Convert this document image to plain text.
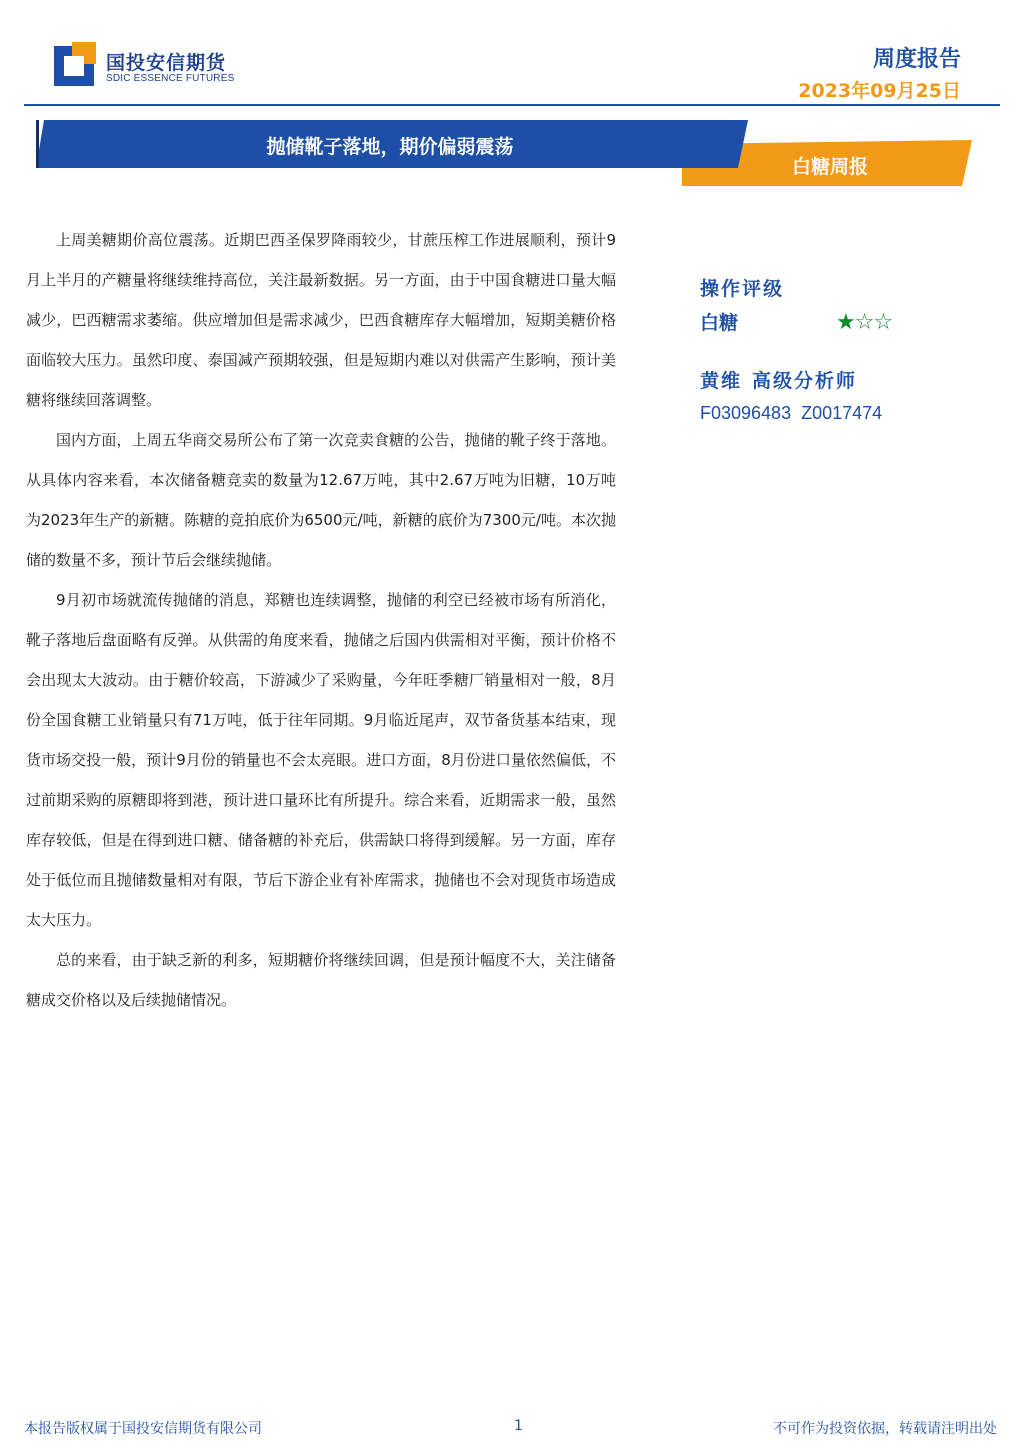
国投安信期货
SDIC ESSENCE FUTURES
周度报告
2023年09月25日
抛储靴子落地，期价偏弱震荡
白糖周报

上周美糖期价高位震荡。近期巴西圣保罗降雨较少，甘蔗压榨工作进展顺利，预计9月上半月的产糖量将继续维持高位，关注最新数据。另一方面，由于中国食糖进口量大幅减少，巴西糖需求萎缩。供应增加但是需求减少，巴西食糖库存大幅增加，短期美糖价格面临较大压力。虽然印度、泰国减产预期较强，但是短期内难以对供需产生影响，预计美糖将继续回落调整。

国内方面，上周五华商交易所公布了第一次竞卖食糖的公告，抛储的靴子终于落地。从具体内容来看，本次储备糖竞卖的数量为12.67万吨，其中2.67万吨为旧糖，10万吨为2023年生产的新糖。陈糖的竞拍底价为6500元/吨，新糖的底价为7300元/吨。本次抛储的数量不多，预计节后会继续抛储。

9月初市场就流传抛储的消息，郑糖也连续调整，抛储的利空已经被市场有所消化，靴子落地后盘面略有反弹。从供需的角度来看，抛储之后国内供需相对平衡，预计价格不会出现太大波动。由于糖价较高，下游减少了采购量，今年旺季糖厂销量相对一般，8月份全国食糖工业销量只有71万吨，低于往年同期。9月临近尾声，双节备货基本结束，现货市场交投一般，预计9月份的销量也不会太亮眼。进口方面，8月份进口量依然偏低，不过前期采购的原糖即将到港，预计进口量环比有所提升。综合来看，近期需求一般，虽然库存较低，但是在得到进口糖、储备糖的补充后，供需缺口将得到缓解。另一方面，库存处于低位而且抛储数量相对有限，节后下游企业有补库需求，抛储也不会对现货市场造成太大压力。

总的来看，由于缺乏新的利多，短期糖价将继续回调，但是预计幅度不大，关注储备糖成交价格以及后续抛储情况。

操作评级
白糖	★☆☆
黄维 高级分析师
F03096483 Z0017474
本报告版权属于国投安信期货有限公司	1	不可作为投资依据，转载请注明出处
